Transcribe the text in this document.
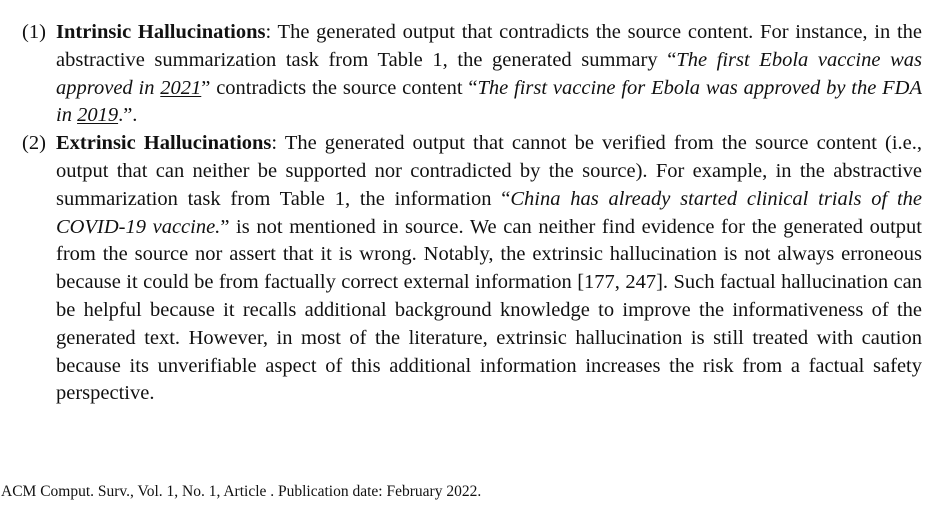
(1) Intrinsic Hallucinations: The generated output that contradicts the source content. For instance, in the abstractive summarization task from Table 1, the generated summary “The first Ebola vaccine was approved in 2021” contradicts the source content “The first vaccine for Ebola was approved by the FDA in 2019.”.
(2) Extrinsic Hallucinations: The generated output that cannot be verified from the source content (i.e., output that can neither be supported nor contradicted by the source). For example, in the abstractive summarization task from Table 1, the information “China has already started clinical trials of the COVID-19 vaccine.” is not mentioned in source. We can neither find evidence for the generated output from the source nor assert that it is wrong. Notably, the extrinsic hallucination is not always erroneous because it could be from factually correct external information [177, 247]. Such factual hallucination can be helpful because it recalls additional background knowledge to improve the informativeness of the generated text. However, in most of the literature, extrinsic hallucination is still treated with caution because its unverifiable aspect of this additional information increases the risk from a factual safety perspective.
ACM Comput. Surv., Vol. 1, No. 1, Article . Publication date: February 2022.
